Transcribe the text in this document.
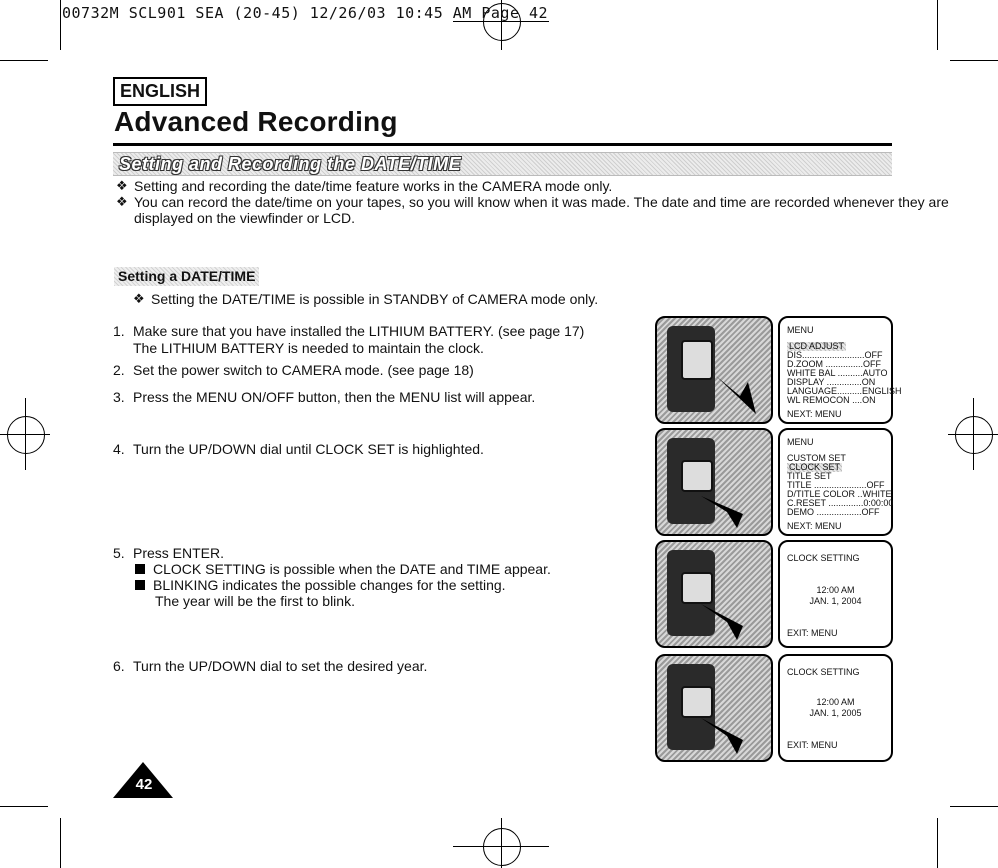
00732M SCL901 SEA (20-45) 12/26/03 10:45 AM Page 42
ENGLISH
Advanced Recording
Setting and Recording the DATE/TIME
❖ Setting and recording the date/time feature works in the CAMERA mode only.
❖ You can record the date/time on your tapes, so you will know when it was made. The date and time are recorded whenever they are
displayed on the viewfinder or LCD.
Setting a DATE/TIME
❖ Setting the DATE/TIME is possible in STANDBY of CAMERA mode only.
1. Make sure that you have installed the LITHIUM BATTERY. (see page 17)
The LITHIUM BATTERY is needed to maintain the clock.
2. Set the power switch to CAMERA mode. (see page 18)
3. Press the MENU ON/OFF button, then the MENU list will appear.
4. Turn the UP/DOWN dial until CLOCK SET is highlighted.
5. Press ENTER.
CLOCK SETTING is possible when the DATE and TIME appear.
BLINKING indicates the possible changes for the setting.
The year will be the first to blink.
6. Turn the UP/DOWN dial to set the desired year.
MENU
LCD ADJUST
DIS.........................OFF
D.ZOOM ...............OFF
WHITE BAL ..........AUTO
DISPLAY ..............ON
LANGUAGE..........ENGLISH
WL REMOCON ....ON
NEXT: MENU
MENU
CUSTOM SET
CLOCK SET
TITLE SET
TITLE .....................OFF
D/TITLE COLOR ..WHITE
C.RESET ..............0:00:00
DEMO ..................OFF
NEXT: MENU
CLOCK SETTING
12:00 AM
JAN. 1, 2004
EXIT: MENU
CLOCK SETTING
12:00 AM
JAN. 1, 2005
EXIT: MENU
42
